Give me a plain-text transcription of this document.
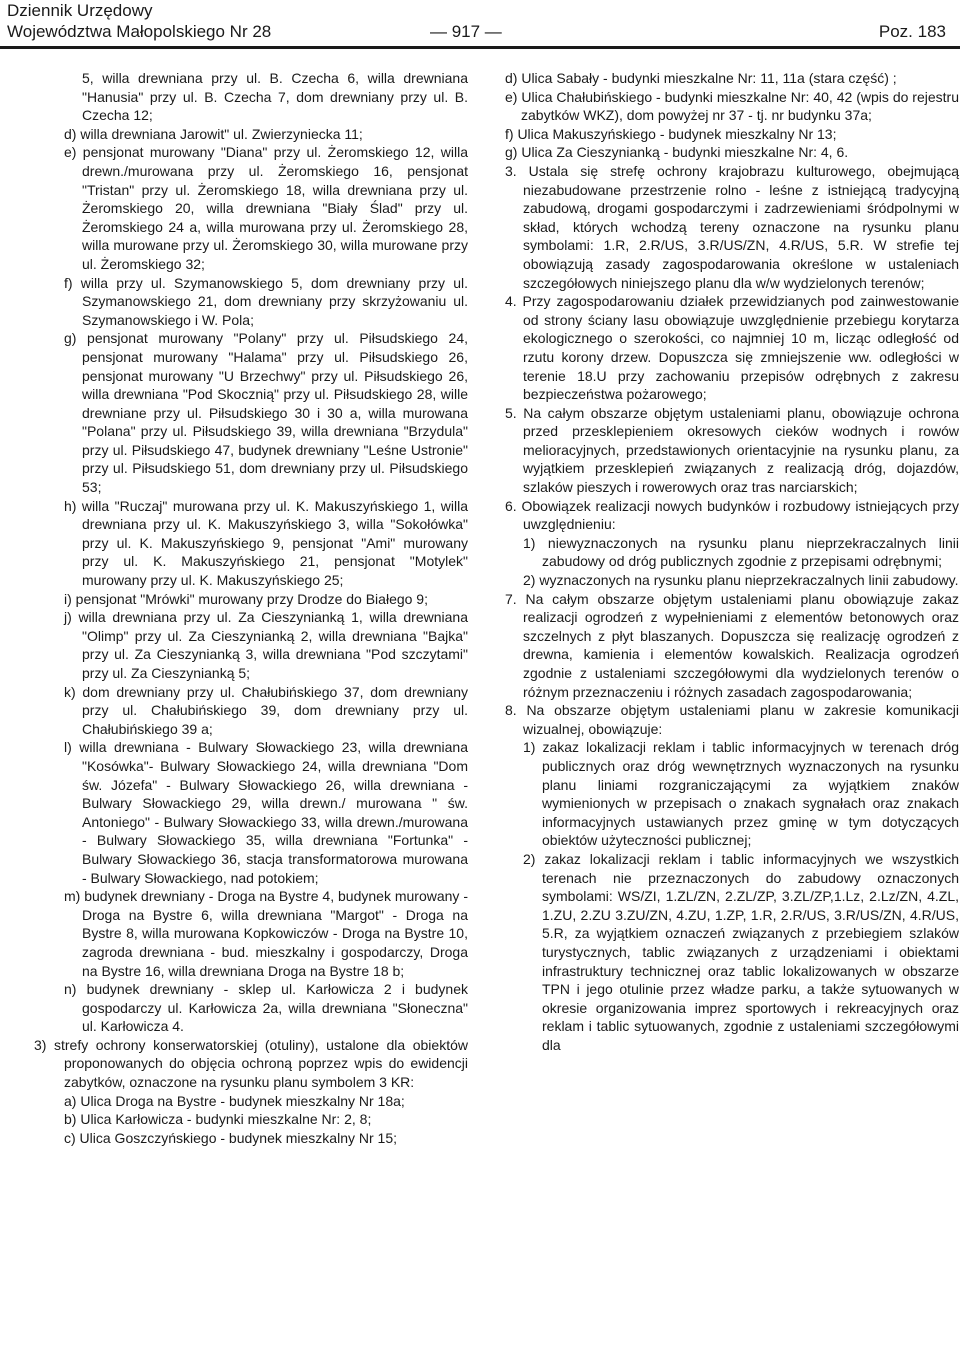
Dziennik Urzędowy
Województwa Małopolskiego Nr 28	— 917 —	Poz. 183

5, willa drewniana przy ul. B. Czecha 6, willa drewniana "Hanusia" przy ul. B. Czecha 7, dom drewniany przy ul. B. Czecha 12;

d) willa drewniana Jarowit" ul. Zwierzyniecka 11;

e) pensjonat murowany "Diana" przy ul. Żeromskiego 12, willa drewn./murowana przy ul. Żeromskiego 16, pensjonat "Tristan" przy ul. Żeromskiego 18, willa drewniana przy ul. Żeromskiego 20, willa drewniana "Biały Ślad" przy ul. Żeromskiego 24 a, willa murowana przy ul. Żeromskiego 28, willa murowane przy ul. Żeromskiego 30, willa murowane przy ul. Żeromskiego 32;

f) willa przy ul. Szymanowskiego 5, dom drewniany przy ul. Szymanowskiego 21, dom drewniany przy skrzyżowaniu ul. Szymanowskiego i W. Pola;

g) pensjonat murowany "Polany" przy ul. Piłsudskiego 24, pensjonat murowany "Halama" przy ul. Piłsudskiego 26, pensjonat murowany "U Brzechwy" przy ul. Piłsudskiego 26, willa drewniana "Pod Skocznią" przy ul. Piłsudskiego 28, wille drewniane przy ul. Piłsudskiego 30 i 30 a, willa murowana "Polana" przy ul. Piłsudskiego 39, willa drewniana "Brzydula" przy ul. Piłsudskiego 47, budynek drewniany "Leśne Ustronie" przy ul. Piłsudskiego 51, dom drewniany przy ul. Piłsudskiego 53;

h) willa "Ruczaj" murowana przy ul. K. Makuszyńskiego 1, willa drewniana przy ul. K. Makuszyńskiego 3, willa "Sokołówka" przy ul. K. Makuszyńskiego 9, pensjonat "Ami" murowany przy ul. K. Makuszyńskiego 21, pensjonat "Motylek" murowany przy ul. K. Makuszyńskiego 25;

i) pensjonat "Mrówki" murowany przy Drodze do Białego 9;

j) willa drewniana przy ul. Za Cieszynianką 1, willa drewniana "Olimp" przy ul. Za Cieszynianką 2, willa drewniana "Bajka" przy ul. Za Cieszynianką 3, willa drewniana "Pod szczytami" przy ul. Za Cieszynianką 5;

k) dom drewniany przy ul. Chałubińskiego 37, dom drewniany przy ul. Chałubińskiego 39, dom drewniany przy ul. Chałubińskiego 39 a;

l) willa drewniana - Bulwary Słowackiego 23, willa drewniana "Kosówka"- Bulwary Słowackiego 24, willa drewniana "Dom św. Józefa" - Bulwary Słowackiego 26, willa drewniana - Bulwary Słowackiego 29, willa drewn./ murowana " św. Antoniego" - Bulwary Słowackiego 33, willa drewn./murowana - Bulwary Słowackiego 35, willa drewniana "Fortunka" - Bulwary Słowackiego 36, stacja transformatorowa murowana - Bulwary Słowackiego, nad potokiem;

m) budynek drewniany - Droga na Bystre 4, budynek murowany - Droga na Bystre 6, willa drewniana "Margot" - Droga na Bystre 8, willa murowana Kopkowiczów - Droga na Bystre 10, zagroda drewniana - bud. mieszkalny i gospodarczy, Droga na Bystre 16, willa drewniana Droga na Bystre 18 b;

n) budynek drewniany - sklep ul. Karłowicza 2 i budynek gospodarczy ul. Karłowicza 2a, willa drewniana "Słoneczna" ul. Karłowicza 4.

3) strefy ochrony konserwatorskiej (otuliny), ustalone dla obiektów proponowanych do objęcia ochroną poprzez wpis do ewidencji zabytków, oznaczone na rysunku planu symbolem 3 KR:

a) Ulica Droga na Bystre - budynek mieszkalny Nr 18a;

b) Ulica Karłowicza - budynki mieszkalne Nr: 2, 8;

c) Ulica Goszczyńskiego - budynek mieszkalny Nr 15;

d) Ulica Sabały - budynki mieszkalne Nr: 11, 11a (stara część) ;

e) Ulica Chałubińskiego - budynki mieszkalne Nr: 40, 42 (wpis do rejestru zabytków WKZ), dom powyżej nr 37 - tj. nr budynku 37a;

f) Ulica Makuszyńskiego - budynek mieszkalny Nr 13;

g) Ulica Za Cieszynianką - budynki mieszkalne Nr: 4, 6.

3. Ustala się strefę ochrony krajobrazu kulturowego, obejmującą niezabudowane przestrzenie rolno - leśne z istniejącą tradycyjną zabudową, drogami gospodarczymi i zadrzewieniami śródpolnymi w skład, których wchodzą tereny oznaczone na rysunku planu symbolami: 1.R, 2.R/US, 3.R/US/ZN, 4.R/US, 5.R. W strefie tej obowiązują zasady zagospodarowania określone w ustaleniach szczegółowych niniejszego planu dla w/w wydzielonych terenów;

4. Przy zagospodarowaniu działek przewidzianych pod zainwestowanie od strony ściany lasu obowiązuje uwzględnienie przebiegu korytarza ekologicznego o szerokości, co najmniej 10 m, licząc odległość od rzutu korony drzew. Dopuszcza się zmniejszenie ww. odległości w terenie 18.U przy zachowaniu przepisów odrębnych z zakresu bezpieczeństwa pożarowego;

5. Na całym obszarze objętym ustaleniami planu, obowiązuje ochrona przed przesklepieniem okresowych cieków wodnych i rowów melioracyjnych, przedstawionych orientacyjnie na rysunku planu, za wyjątkiem przesklepień związanych z realizacją dróg, dojazdów, szlaków pieszych i rowerowych oraz tras narciarskich;

6. Obowiązek realizacji nowych budynków i rozbudowy istniejących przy uwzględnieniu:

1) niewyznaczonych na rysunku planu nieprzekraczalnych linii zabudowy od dróg publicznych zgodnie z przepisami odrębnymi;

2) wyznaczonych na rysunku planu nieprzekraczalnych linii zabudowy.

7. Na całym obszarze objętym ustaleniami planu obowiązuje zakaz realizacji ogrodzeń z wypełnieniami z elementów betonowych oraz szczelnych z płyt blaszanych. Dopuszcza się realizację ogrodzeń z drewna, kamienia i elementów kowalskich. Realizacja ogrodzeń zgodnie z ustaleniami szczegółowymi dla wydzielonych terenów o różnym przeznaczeniu i różnych zasadach zagospodarowania;

8. Na obszarze objętym ustaleniami planu w zakresie komunikacji wizualnej, obowiązuje:

1) zakaz lokalizacji reklam i tablic informacyjnych w terenach dróg publicznych oraz dróg wewnętrznych wyznaczonych na rysunku planu liniami rozgraniczającymi za wyjątkiem znaków wymienionych w przepisach o znakach sygnałach oraz znakach informacyjnych ustawianych przez gminę w tym dotyczących obiektów użyteczności publicznej;

2) zakaz lokalizacji reklam i tablic informacyjnych we wszystkich terenach nie przeznaczonych do zabudowy oznaczonych symbolami: WS/ZI, 1.ZL/ZN, 2.ZL/ZP, 3.ZL/ZP,1.Lz, 2.Lz/ZN, 4.ZL, 1.ZU, 2.ZU 3.ZU/ZN, 4.ZU, 1.ZP, 1.R, 2.R/US, 3.R/US/ZN, 4.R/US, 5.R, za wyjątkiem oznaczeń związanych z przebiegiem szlaków turystycznych, tablic związanych z urządzeniami i obiektami infrastruktury technicznej oraz tablic lokalizowanych w obszarze TPN i jego otulinie przez władze parku, a także sytuowanych w okresie organizowania imprez sportowych i rekreacyjnych oraz reklam i tablic sytuowanych, zgodnie z ustaleniami szczegółowymi dla
